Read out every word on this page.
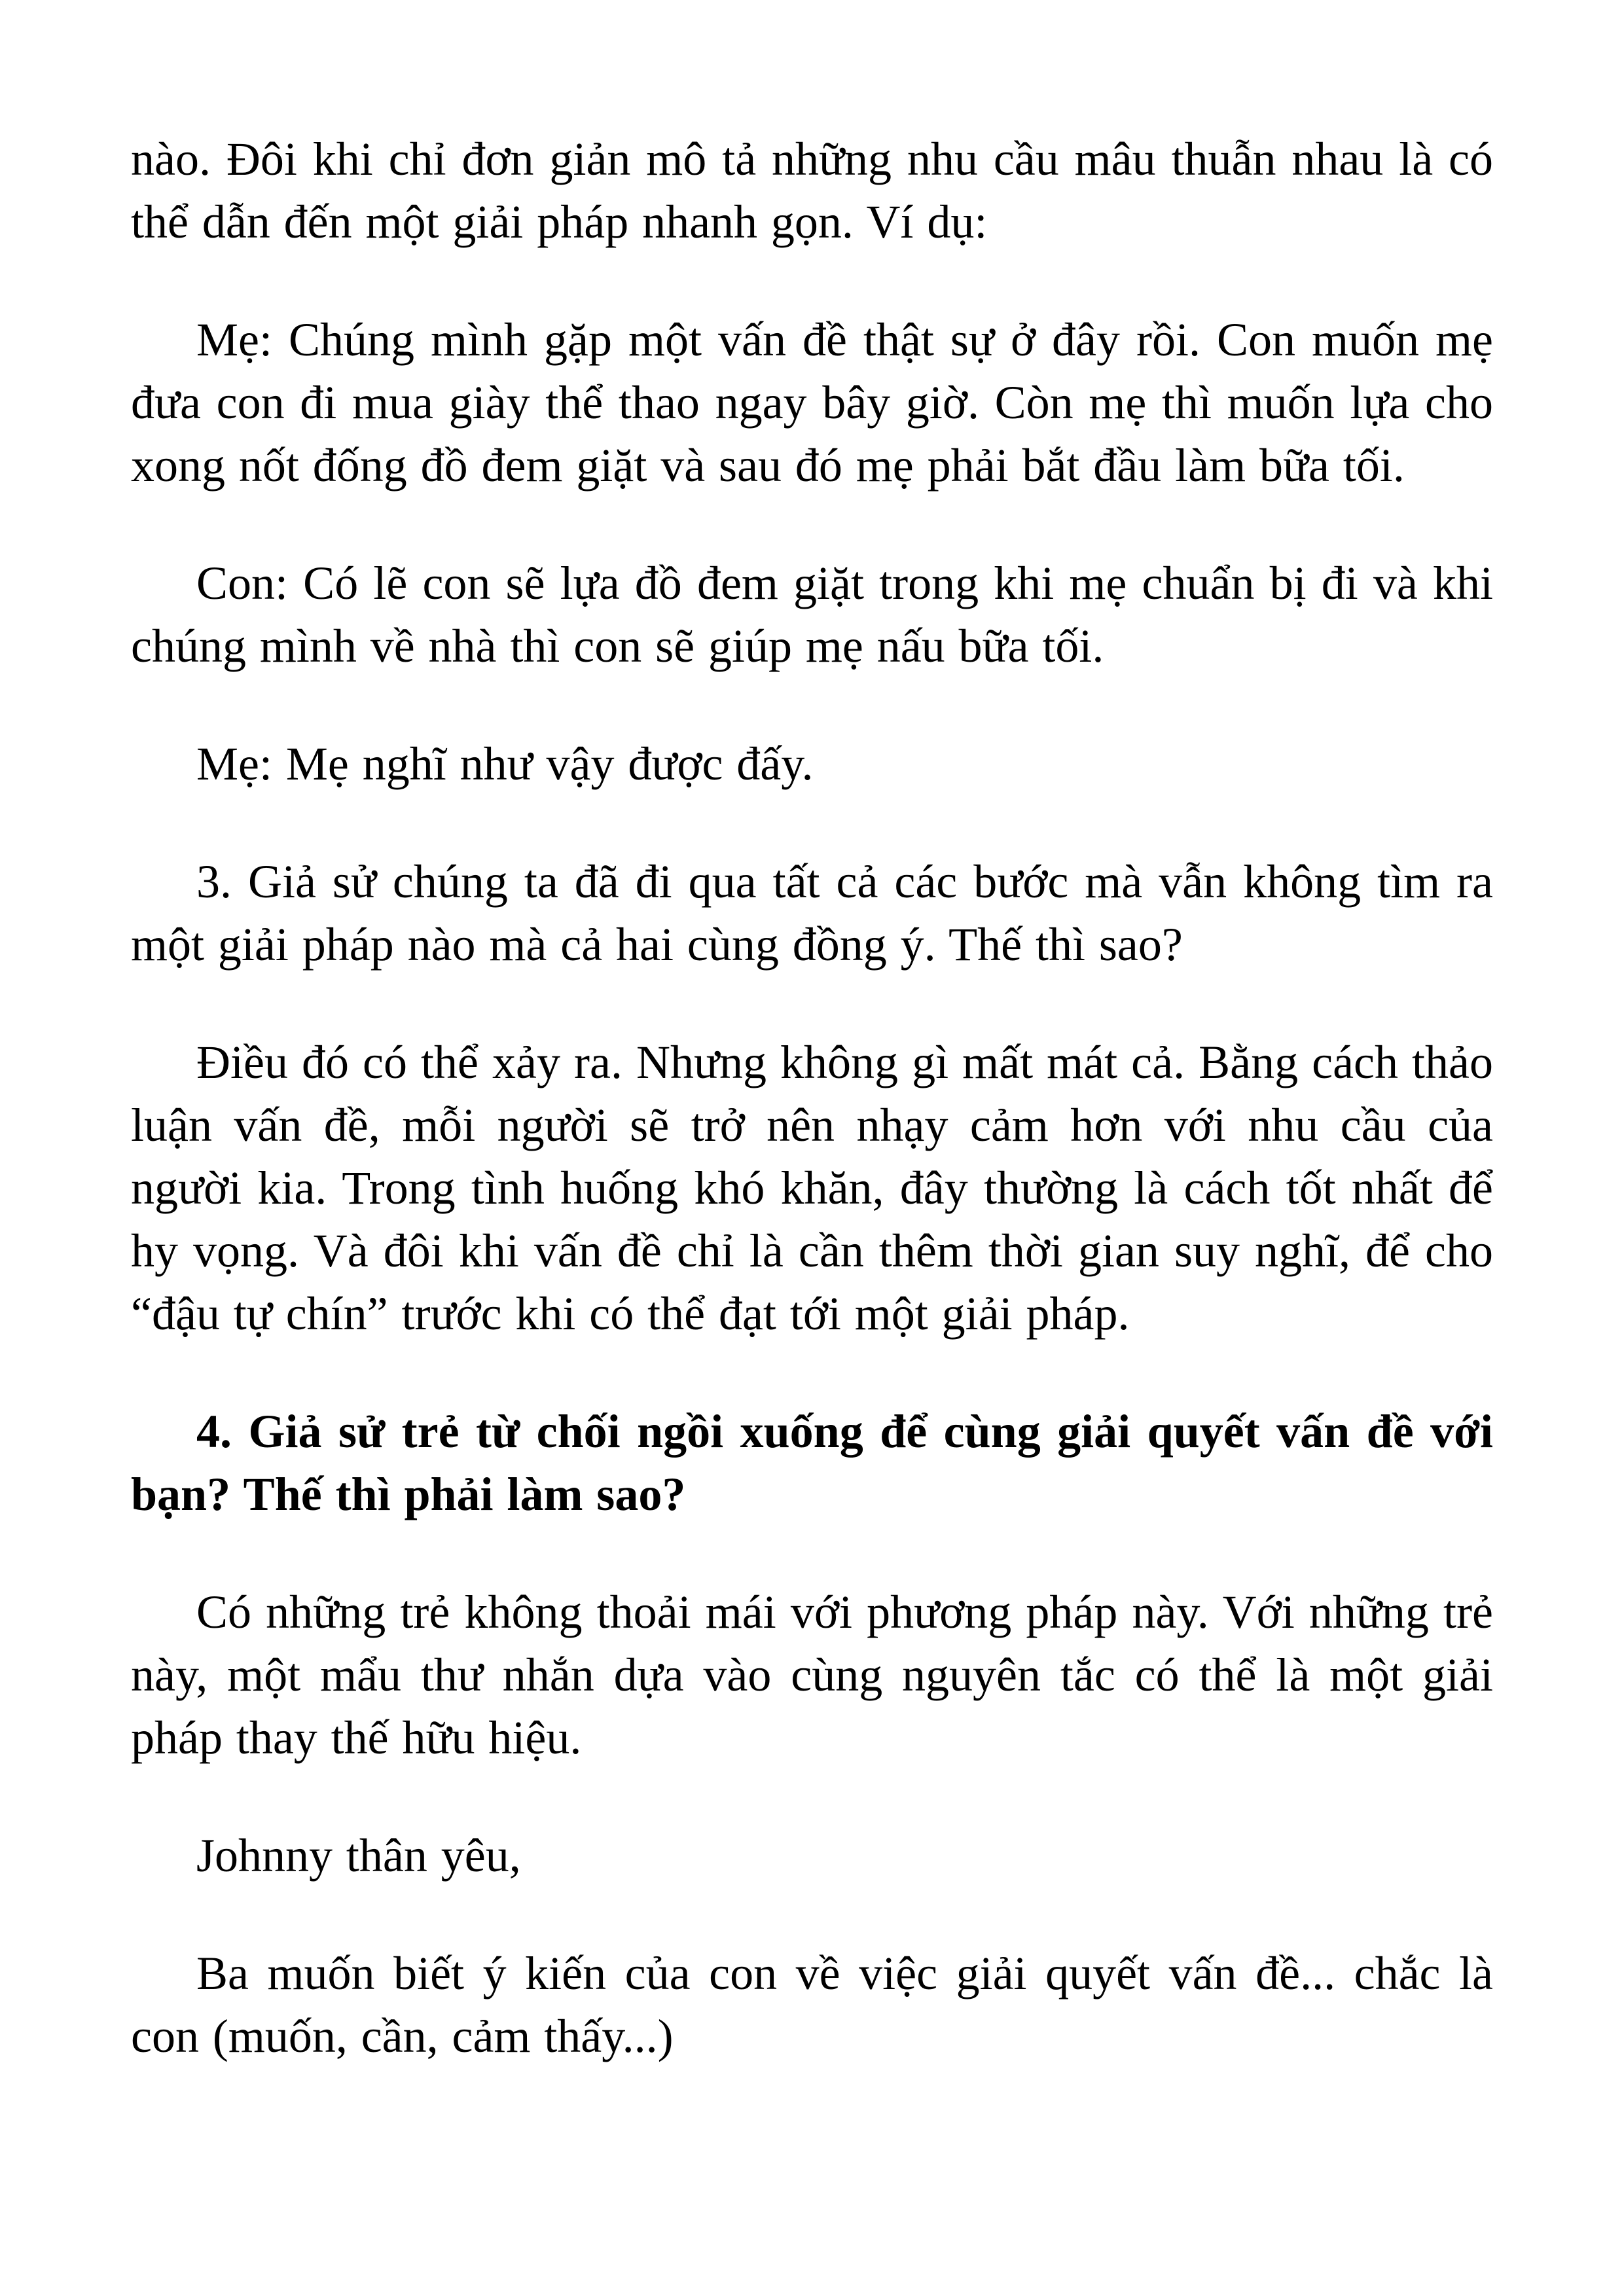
nào. Đôi khi chỉ đơn giản mô tả những nhu cầu mâu thuẫn nhau là có thể dẫn đến một giải pháp nhanh gọn. Ví dụ:

Mẹ: Chúng mình gặp một vấn đề thật sự ở đây rồi. Con muốn mẹ đưa con đi mua giày thể thao ngay bây giờ. Còn mẹ thì muốn lựa cho xong nốt đống đồ đem giặt và sau đó mẹ phải bắt đầu làm bữa tối.

Con: Có lẽ con sẽ lựa đồ đem giặt trong khi mẹ chuẩn bị đi và khi chúng mình về nhà thì con sẽ giúp mẹ nấu bữa tối.

Mẹ: Mẹ nghĩ như vậy được đấy.

3. Giả sử chúng ta đã đi qua tất cả các bước mà vẫn không tìm ra một giải pháp nào mà cả hai cùng đồng ý. Thế thì sao?

Điều đó có thể xảy ra. Nhưng không gì mất mát cả. Bằng cách thảo luận vấn đề, mỗi người sẽ trở nên nhạy cảm hơn với nhu cầu của người kia. Trong tình huống khó khăn, đây thường là cách tốt nhất để hy vọng. Và đôi khi vấn đề chỉ là cần thêm thời gian suy nghĩ, để cho “đậu tự chín” trước khi có thể đạt tới một giải pháp.

4. Giả sử trẻ từ chối ngồi xuống để cùng giải quyết vấn đề với bạn? Thế thì phải làm sao?

Có những trẻ không thoải mái với phương pháp này. Với những trẻ này, một mẩu thư nhắn dựa vào cùng nguyên tắc có thể là một giải pháp thay thế hữu hiệu.

Johnny thân yêu,

Ba muốn biết ý kiến của con về việc giải quyết vấn đề... chắc là con (muốn, cần, cảm thấy...)
